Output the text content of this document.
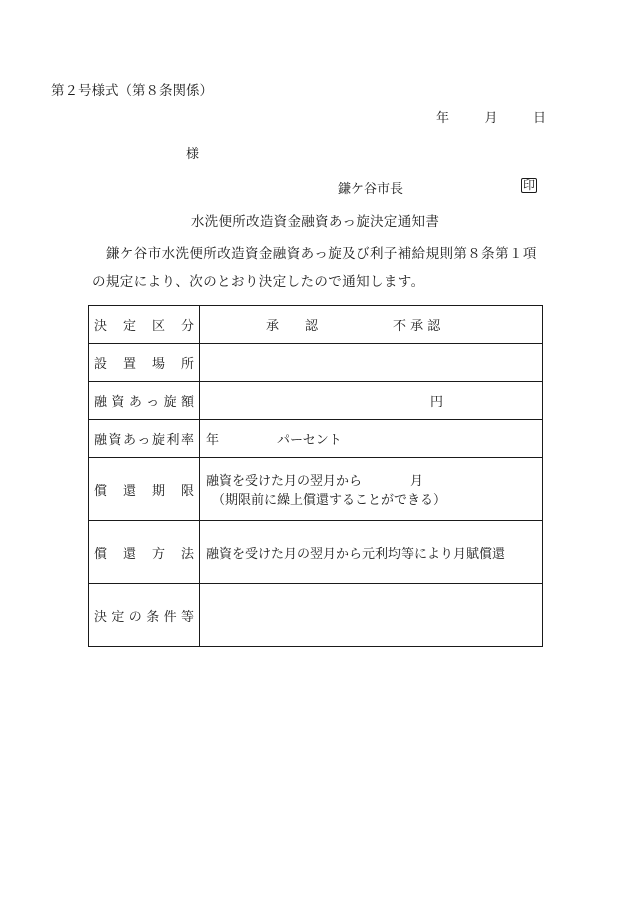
第２号様式（第８条関係）
年	月	日
様
鎌ケ谷市長	印
水洗便所改造資金融資あっ旋決定通知書
鎌ケ谷市水洗便所改造資金融資あっ旋及び利子補給規則第８条第１項の規定により、次のとおり決定したので通知します。
決定区分	承　　認 不 承 認

設置場所	
融資あっ旋額	円

融資あっ旋利率	年 パーセント

償還期限	融資を受けた月の翌月から 月
（期限前に繰上償還することができる）

償還方法	融資を受けた月の翌月から元利均等により月賦償還
決定の条件等	
